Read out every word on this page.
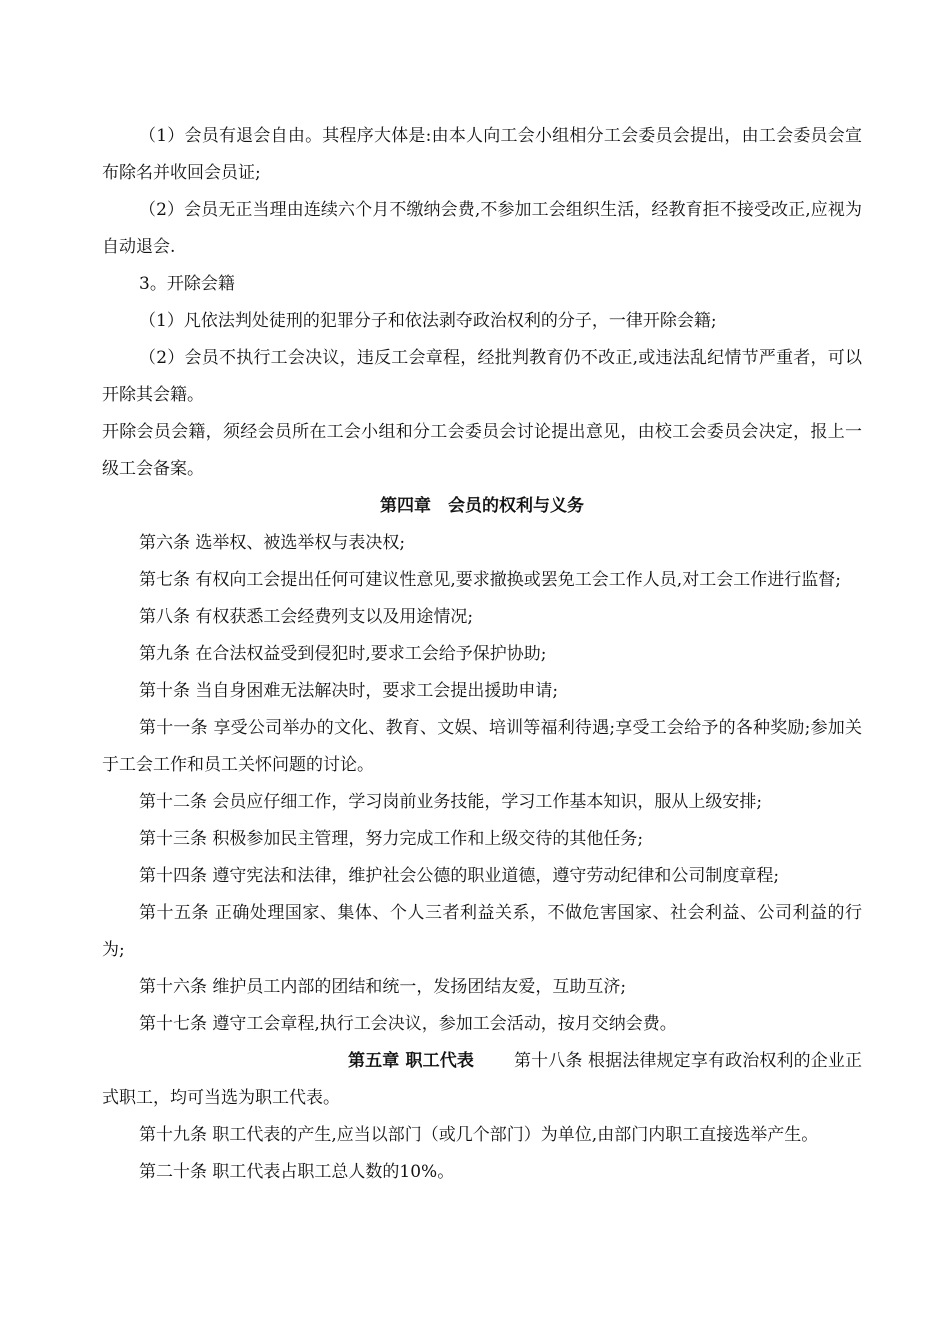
（1）会员有退会自由。其程序大体是:由本人向工会小组相分工会委员会提出，由工会委员会宣布除名并收回会员证;

（2）会员无正当理由连续六个月不缴纳会费,不参加工会组织生活，经教育拒不接受改正,应视为自动退会.

3。开除会籍

（1）凡依法判处徒刑的犯罪分子和依法剥夺政治权利的分子，一律开除会籍;

（2）会员不执行工会决议，违反工会章程，经批判教育仍不改正,或违法乱纪情节严重者，可以开除其会籍。

开除会员会籍，须经会员所在工会小组和分工会委员会讨论提出意见，由校工会委员会决定，报上一级工会备案。

第四章　会员的权利与义务

第六条 选举权、被选举权与表决权;

第七条 有权向工会提出任何可建议性意见,要求撤换或罢免工会工作人员,对工会工作进行监督;

第八条 有权获悉工会经费列支以及用途情况;

第九条 在合法权益受到侵犯时,要求工会给予保护协助;

第十条 当自身困难无法解决时，要求工会提出援助申请;

第十一条 享受公司举办的文化、教育、文娱、培训等福利待遇;享受工会给予的各种奖励;参加关于工会工作和员工关怀问题的讨论。

第十二条 会员应仔细工作，学习岗前业务技能，学习工作基本知识，服从上级安排;

第十三条 积极参加民主管理，努力完成工作和上级交待的其他任务;

第十四条 遵守宪法和法律，维护社会公德的职业道德，遵守劳动纪律和公司制度章程;

第十五条 正确处理国家、集体、个人三者利益关系，不做危害国家、社会利益、公司利益的行为;

第十六条 维护员工内部的团结和统一，发扬团结友爱，互助互济;

第十七条 遵守工会章程,执行工会决议，参加工会活动，按月交纳会费。

第五章 职工代表 第十八条 根据法律规定享有政治权利的企业正式职工，均可当选为职工代表。

第十九条 职工代表的产生,应当以部门（或几个部门）为单位,由部门内职工直接选举产生。

第二十条 职工代表占职工总人数的10%。
